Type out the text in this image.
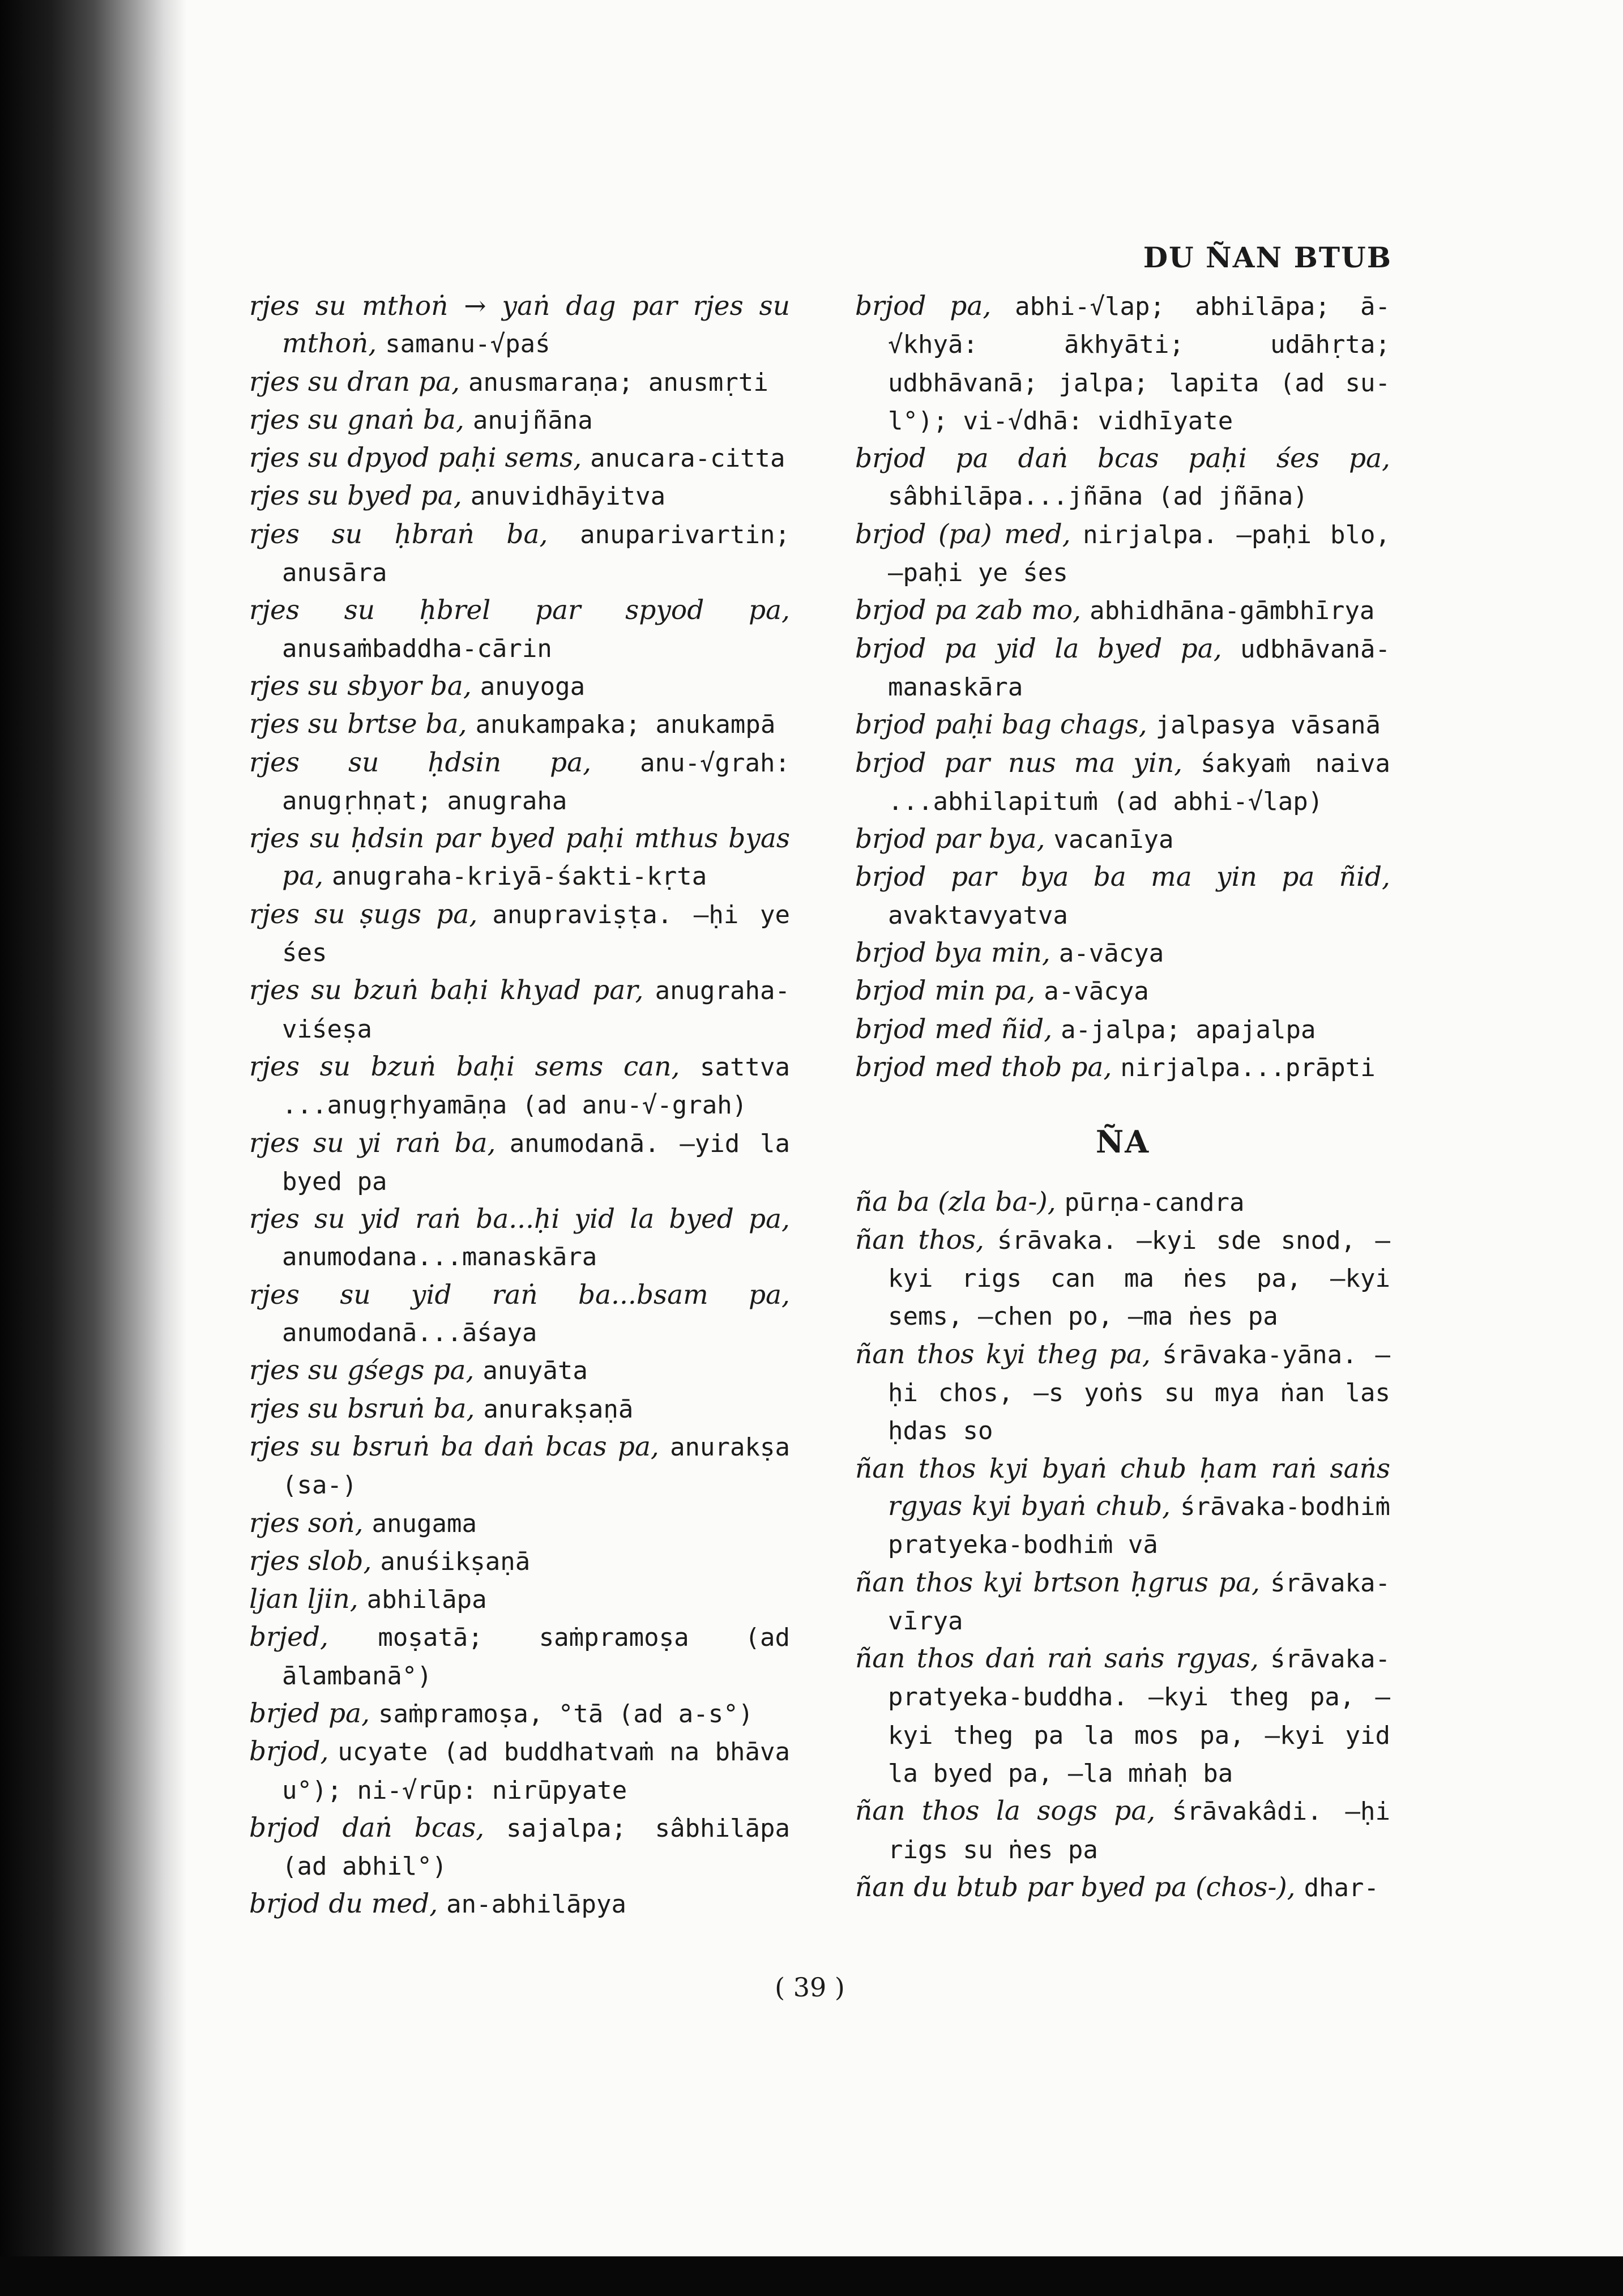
DU ÑAN BTUB
rjes su mthoṅ → yaṅ dag par rjes su mthoṅ, samanu-√paś
rjes su dran pa, anusmaraṇa; anusmṛti
rjes su gnaṅ ba, anujñāna
rjes su dpyod paḥi sems, anucara-citta
rjes su byed pa, anuvidhāyitva
rjes su ḥbraṅ ba, anuparivartin; anusāra
rjes su ḥbrel par spyod pa, anusaṁbaddha-cārin
rjes su sbyor ba, anuyoga
rjes su brtse ba, anukampaka; anukampā
rjes su ḥdsin pa, anu-√grah: anugṛhṇat; anugraha
rjes su ḥdsin par byed paḥi mthus byas pa, anugraha-kriyā-śakti-kṛta
rjes su ṣugs pa, anupraviṣṭa. —ḥi ye śes
rjes su bzuṅ baḥi khyad par, anugraha-viśeṣa
rjes su bzuṅ baḥi sems can, sattva ...anugṛhyamāṇa (ad anu-√-grah)
rjes su yi raṅ ba, anumodanā. —yid la byed pa
rjes su yid raṅ ba...ḥi yid la byed pa, anumodana...manaskāra
rjes su yid raṅ ba...bsam pa, anumodanā...āśaya
rjes su gśegs pa, anuyāta
rjes su bsruṅ ba, anurakṣaṇā
rjes su bsruṅ ba daṅ bcas pa, anurakṣa (sa-)
rjes soṅ, anugama
rjes slob, anuśikṣaṇā
ljan ljin, abhilāpa
brjed, moṣatā; saṁpramoṣa (ad ālambanā°)
brjed pa, saṁpramoṣa, °tā (ad a-s°)
brjod, ucyate (ad buddhatvaṁ na bhāva u°); ni-√rūp: nirūpyate
brjod daṅ bcas, sajalpa; sâbhilāpa (ad abhil°)
brjod du med, an-abhilāpya
brjod pa, abhi-√lap; abhilāpa; ā-√khyā: ākhyāti; udāhṛta; udbhāvanā; jalpa; lapita (ad su-l°); vi-√dhā: vidhīyate
brjod pa daṅ bcas paḥi śes pa, sâbhilāpa...jñāna (ad jñāna)
brjod (pa) med, nirjalpa. —paḥi blo, —paḥi ye śes
brjod pa zab mo, abhidhāna-gāmbhīrya
brjod pa yid la byed pa, udbhāvanā-manaskāra
brjod paḥi bag chags, jalpasya vāsanā
brjod par nus ma yin, śakyaṁ naiva ...abhilapituṁ (ad abhi-√lap)
brjod par bya, vacanīya
brjod par bya ba ma yin pa ñid, avaktavyatva
brjod bya min, a-vācya
brjod min pa, a-vācya
brjod med ñid, a-jalpa; apajalpa
brjod med thob pa, nirjalpa...prāpti
ÑA
ña ba (zla ba-), pūrṇa-candra
ñan thos, śrāvaka. —kyi sde snod, —kyi rigs can ma ṅes pa, —kyi sems, —chen po, —ma ṅes pa
ñan thos kyi theg pa, śrāvaka-yāna. —ḥi chos, —s yoṅs su mya ṅan las ḥdas so
ñan thos kyi byaṅ chub ḥam raṅ saṅs rgyas kyi byaṅ chub, śrāvaka-bodhiṁ pratyeka-bodhiṁ vā
ñan thos kyi brtson ḥgrus pa, śrāvaka-vīrya
ñan thos daṅ raṅ saṅs rgyas, śrāvaka-pratyeka-buddha. —kyi theg pa, —kyi theg pa la mos pa, —kyi yid la byed pa, —la mṅaḥ ba
ñan thos la sogs pa, śrāvakâdi. —ḥi rigs su ṅes pa
ñan du btub par byed pa (chos-), dhar-
( 39 )
